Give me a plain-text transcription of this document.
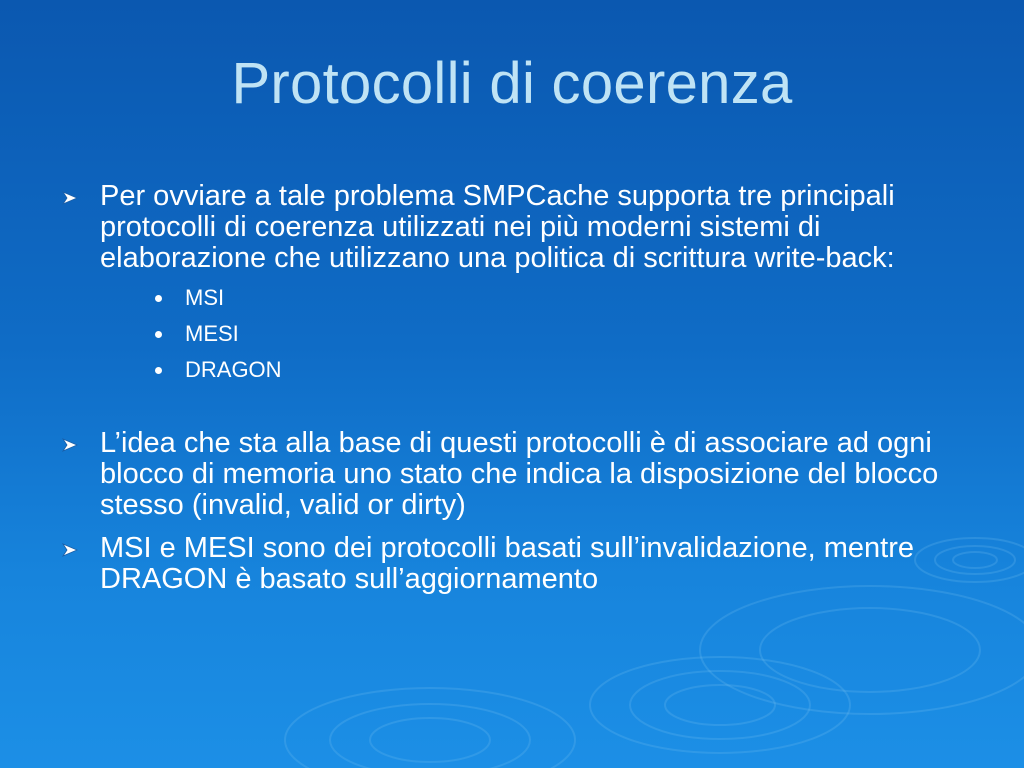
Protocolli di coerenza
Per ovviare a tale problema SMPCache supporta tre principali protocolli di coerenza utilizzati nei più moderni sistemi di elaborazione che utilizzano una politica di scrittura write-back:
MSI
MESI
DRAGON
L’idea che sta alla base di questi protocolli è di associare ad ogni blocco di memoria uno stato che indica la disposizione del blocco stesso (invalid, valid or dirty)
MSI e MESI sono dei protocolli basati sull’invalidazione, mentre DRAGON è basato sull’aggiornamento
